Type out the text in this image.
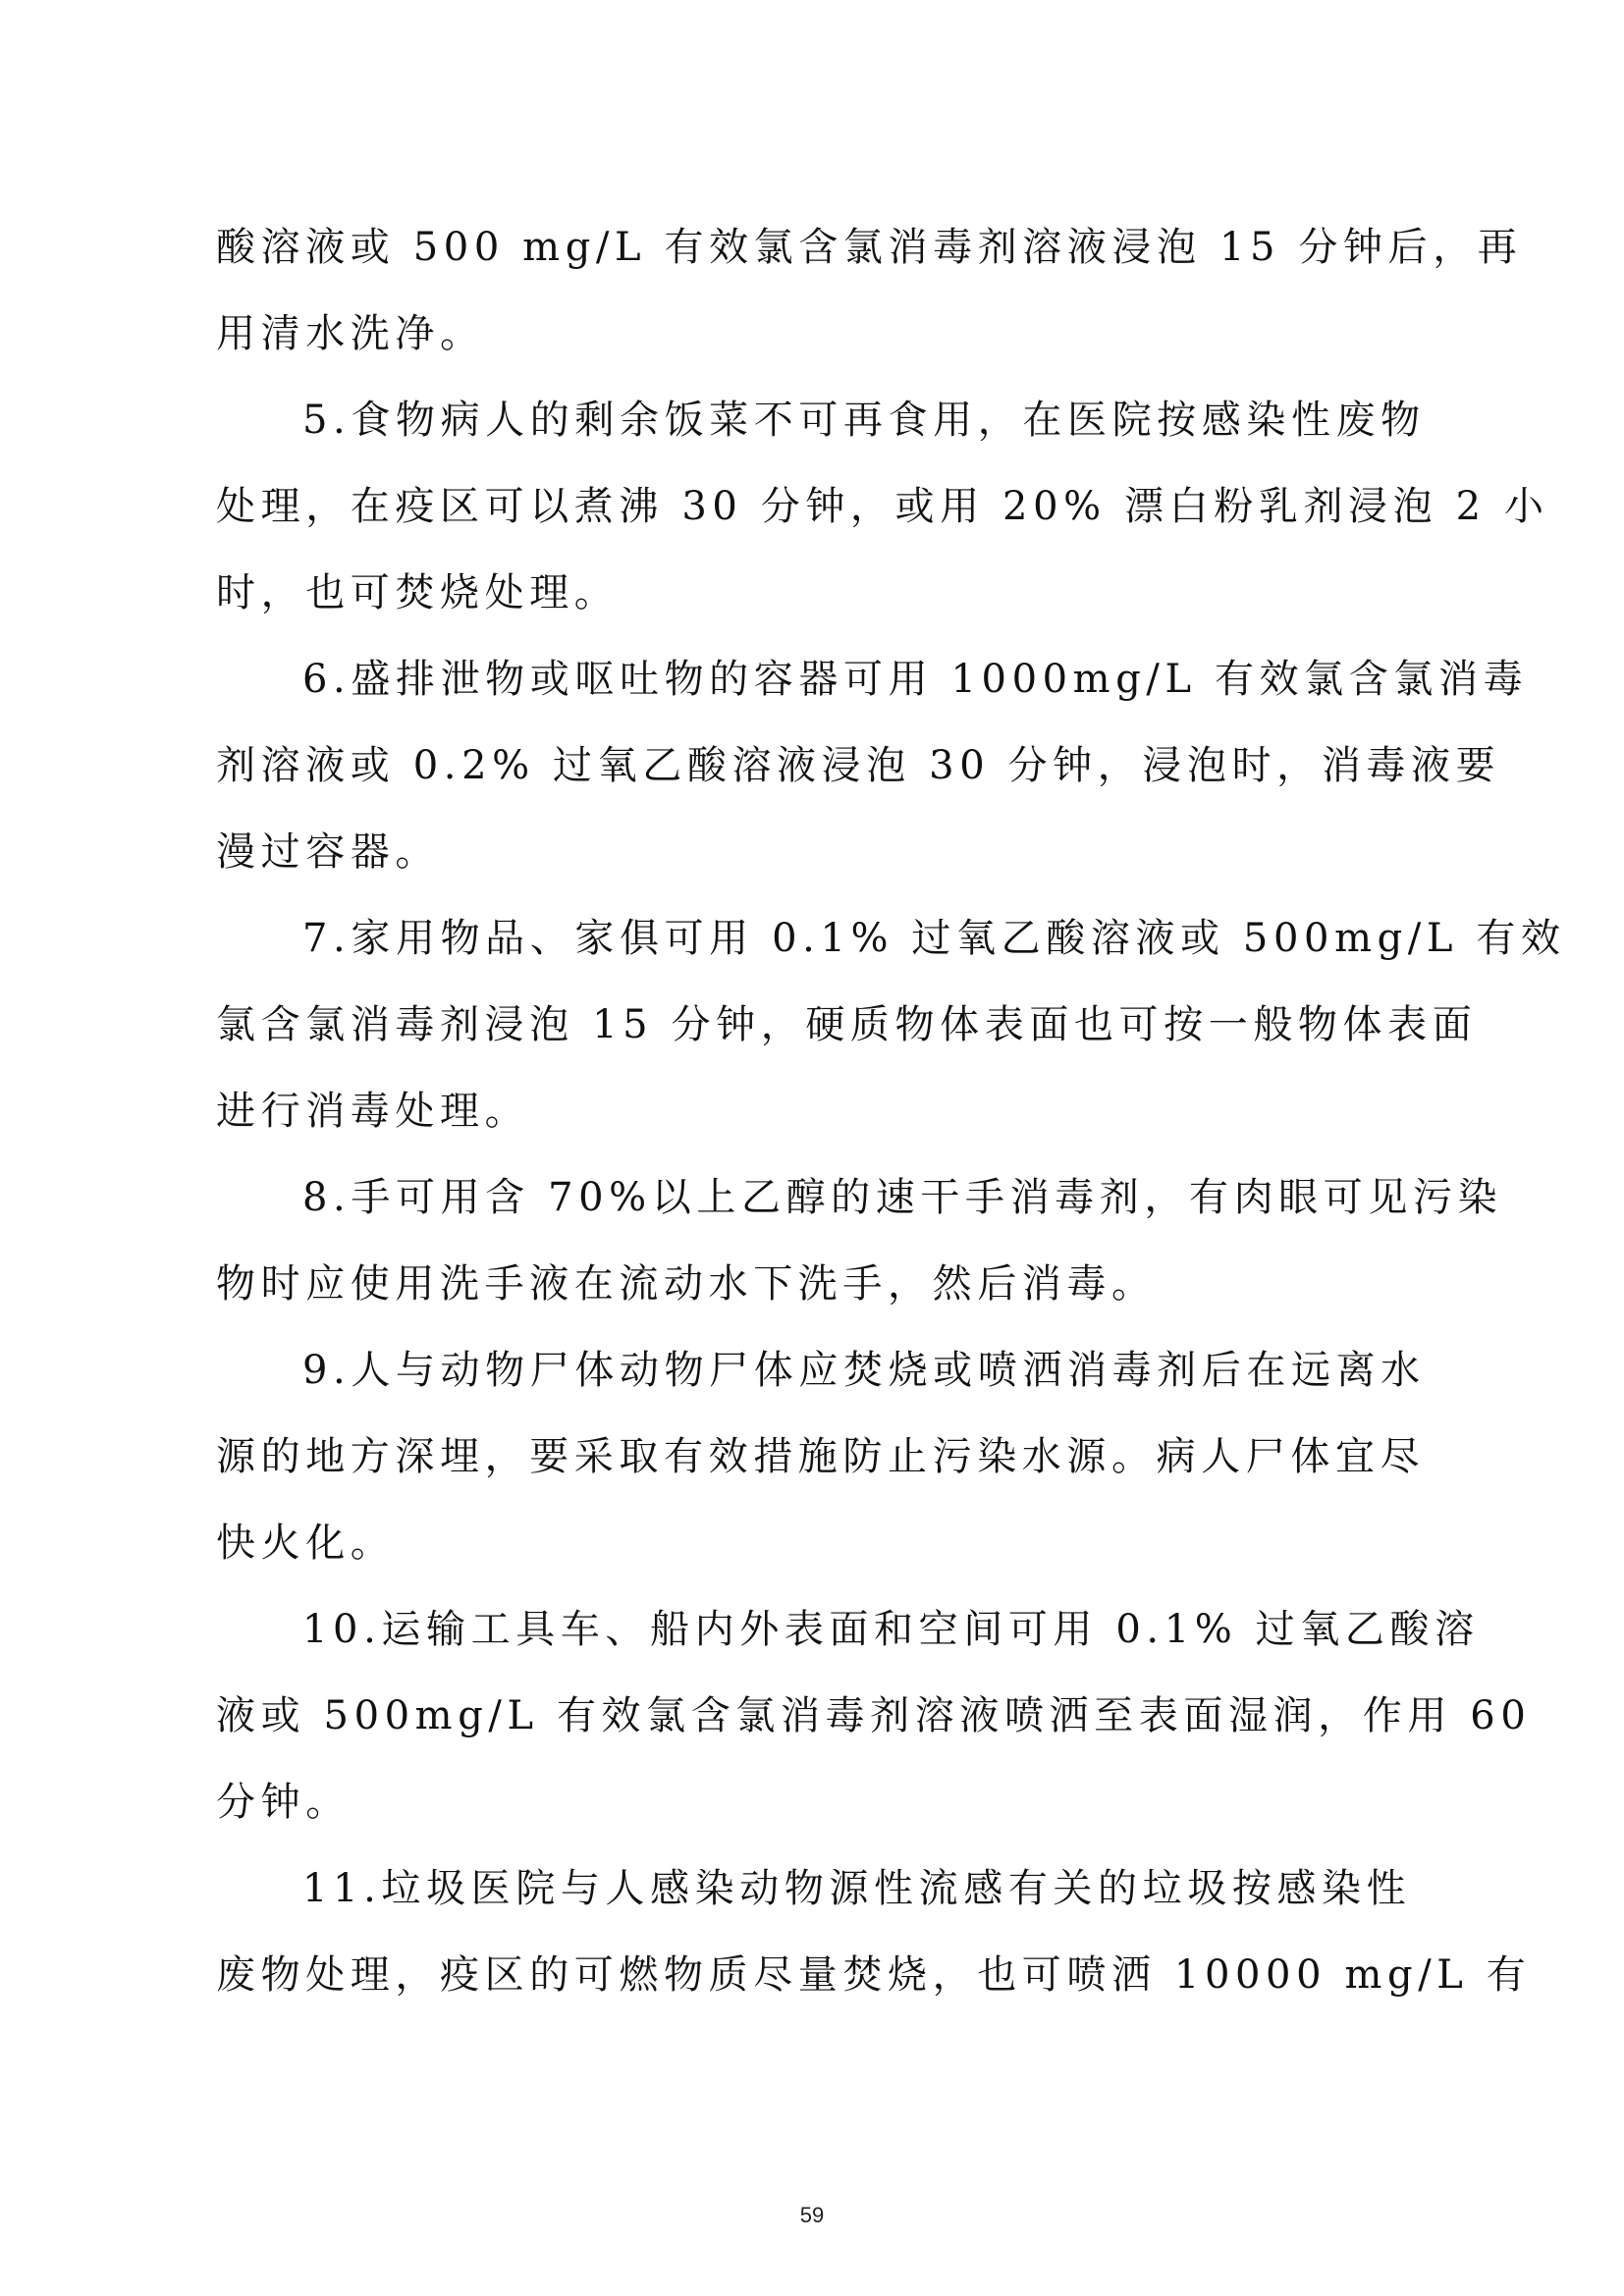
酸溶液或 500 mg/L 有效氯含氯消毒剂溶液浸泡 15 分钟后，再
用清水洗净。
5.食物病人的剩余饭菜不可再食用，在医院按感染性废物
处理，在疫区可以煮沸 30 分钟，或用 20% 漂白粉乳剂浸泡 2 小
时，也可焚烧处理。
6.盛排泄物或呕吐物的容器可用 1000mg/L 有效氯含氯消毒
剂溶液或 0.2% 过氧乙酸溶液浸泡 30 分钟，浸泡时，消毒液要
漫过容器。
7.家用物品、家俱可用 0.1% 过氧乙酸溶液或 500mg/L 有效
氯含氯消毒剂浸泡 15 分钟，硬质物体表面也可按一般物体表面
进行消毒处理。
8.手可用含 70%以上乙醇的速干手消毒剂，有肉眼可见污染
物时应使用洗手液在流动水下洗手，然后消毒。
9.人与动物尸体动物尸体应焚烧或喷洒消毒剂后在远离水
源的地方深埋，要采取有效措施防止污染水源。病人尸体宜尽
快火化。
10.运输工具车、船内外表面和空间可用 0.1% 过氧乙酸溶
液或 500mg/L 有效氯含氯消毒剂溶液喷洒至表面湿润，作用 60
分钟。
11.垃圾医院与人感染动物源性流感有关的垃圾按感染性
废物处理，疫区的可燃物质尽量焚烧，也可喷洒 10000 mg/L 有
59
